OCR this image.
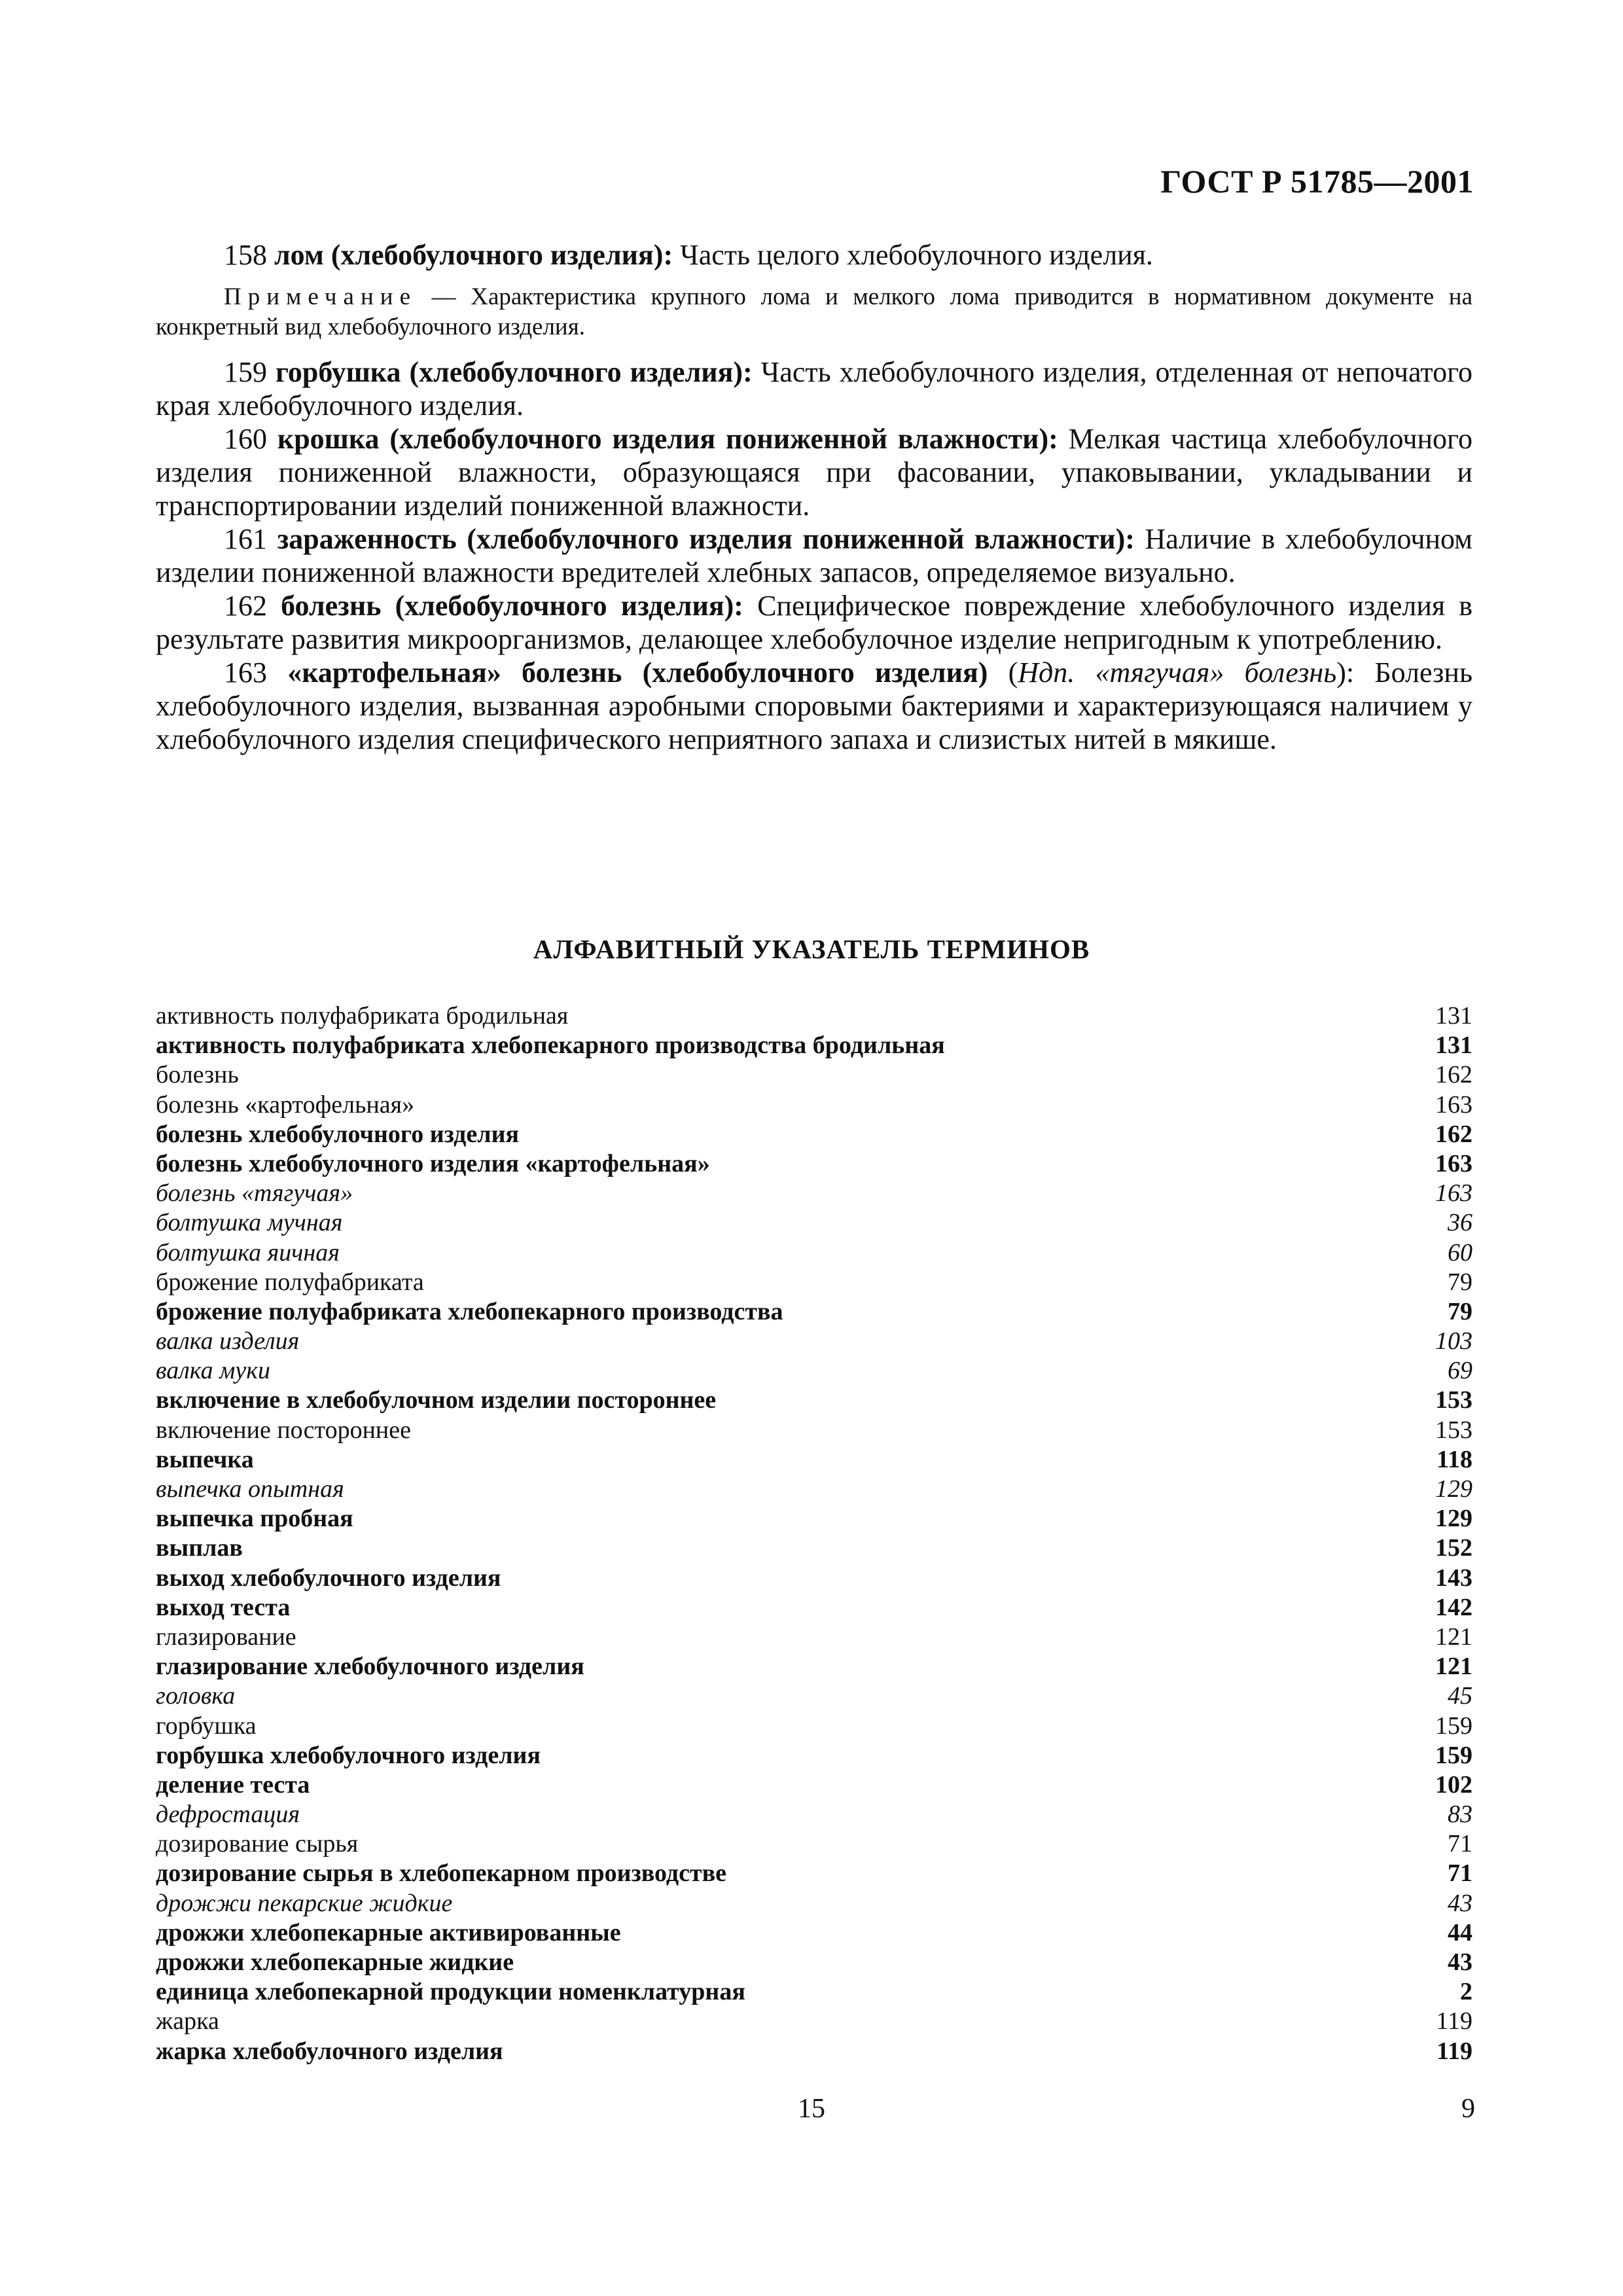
ГОСТ Р 51785—2001

158 лом (хлебобулочного изделия): Часть целого хлебобулочного изделия.

Примечание — Характеристика крупного лома и мелкого лома приводится в нормативном документе на конкретный вид хлебобулочного изделия.

159 горбушка (хлебобулочного изделия): Часть хлебобулочного изделия, отделенная от непочатого края хлебобулочного изделия.

160 крошка (хлебобулочного изделия пониженной влажности): Мелкая частица хлебобулочного изделия пониженной влажности, образующаяся при фасовании, упаковывании, укладывании и транспортировании изделий пониженной влажности.

161 зараженность (хлебобулочного изделия пониженной влажности): Наличие в хлебобулочном изделии пониженной влажности вредителей хлебных запасов, определяемое визуально.

162 болезнь (хлебобулочного изделия): Специфическое повреждение хлебобулочного изделия в результате развития микроорганизмов, делающее хлебобулочное изделие непригодным к употреблению.

163 «картофельная» болезнь (хлебобулочного изделия) (Ндп. «тягучая» болезнь): Болезнь хлебобулочного изделия, вызванная аэробными споровыми бактериями и характеризующаяся наличием у хлебобулочного изделия специфического неприятного запаха и слизистых нитей в мякише.

АЛФАВИТНЫЙ УКАЗАТЕЛЬ ТЕРМИНОВ
активность полуфабриката бродильная	131
активность полуфабриката хлебопекарного производства бродильная	131
болезнь	162
болезнь «картофельная»	163
болезнь хлебобулочного изделия	162
болезнь хлебобулочного изделия «картофельная»	163
болезнь «тягучая»	163
болтушка мучная	36
болтушка яичная	60
брожение полуфабриката	79
брожение полуфабриката хлебопекарного производства	79
валка изделия	103
валка муки	69
включение в хлебобулочном изделии постороннее	153
включение постороннее	153
выпечка	118
выпечка опытная	129
выпечка пробная	129
выплав	152
выход хлебобулочного изделия	143
выход теста	142
глазирование	121
глазирование хлебобулочного изделия	121
головка	45
горбушка	159
горбушка хлебобулочного изделия	159
деление теста	102
дефростация	83
дозирование сырья	71
дозирование сырья в хлебопекарном производстве	71
дрожжи пекарские жидкие	43
дрожжи хлебопекарные активированные	44
дрожжи хлебопекарные жидкие	43
единица хлебопекарной продукции номенклатурная	2
жарка	119
жарка хлебобулочного изделия	119
15	9
